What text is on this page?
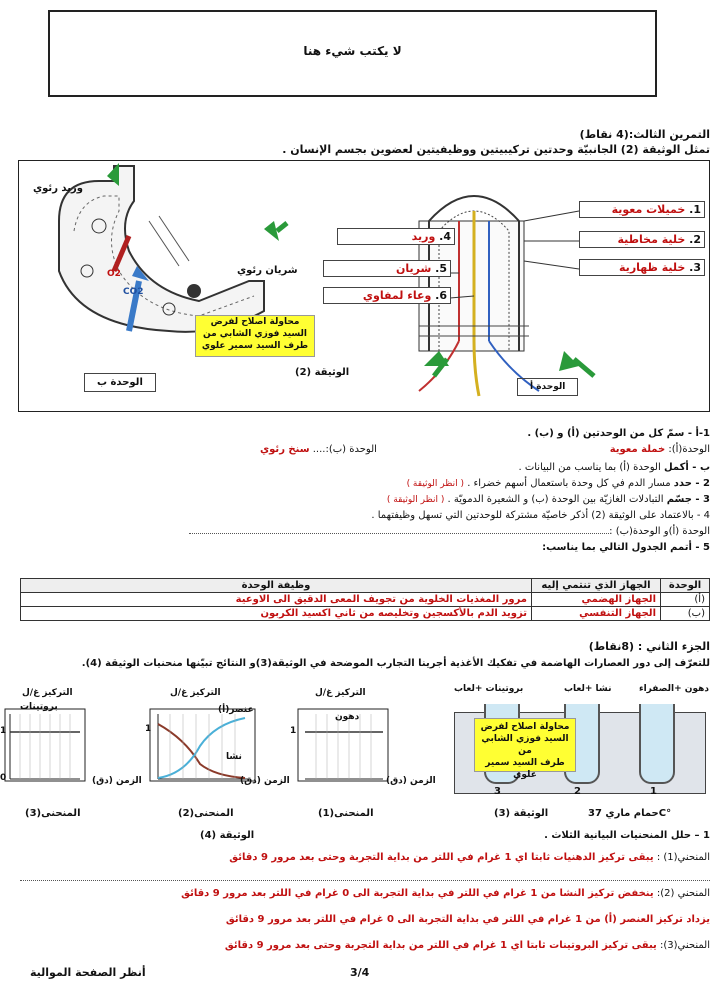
لا يكتب شيء هنا
التمرين الثالث:(4 نقاط)
تمثل الوثيقة (2) الجانبيّة وحدتين تركيبيتين ووظيفيتين لعضوين بجسم الإنسان .
وريد رئوي
شريان رئوي
O2
CO2
محاولة اصلاح لفرض
السيد فوزي الشابي من
طرف السيد سمير علوي
الوحدة ب
الوثيقة (2)
الوحدة أ
4. وريد
5. شريان
6. وعاء لمفاوي
1. خميلات معوية
2. خلية مخاطية
3. خلية ظهارية
1-أ - سمّ كل من الوحدتين (أ) و (ب) .
الوحدة(أ): خملة معوية
الوحدة (ب):.... سنخ رئوي
ب - أكمل الوحدة (أ) بما يناسب من البيانات .
2 - حدد مسار الدم في كل وحدة باستعمال أسهم خضراء . ( انظر الوثيقة )
3 - جسّم التبادلات الغازيّة بين الوحدة (ب) و الشعيرة الدمويّة . ( انظر الوثيقة )
4 - بالاعتماد على الوثيقة (2) أذكر خاصيّة مشتركة للوحدتين التي تسهل وظيفتهما .
الوحدة (أ)و الوحدة(ب) :
5 - أتمم الجدول التالي بما يناسب:
الوحدة	الجهاز الذي تنتمي إليه	وظيفة الوحدة
(أ)	الجهاز الهضمي	مرور المغذيات الخلوية من تجويف المعى الدقيق الى الاوعية
(ب)	الجهاز التنفسي	تزويد الدم بالأكسجين وتخليصه من ثاني اكسيد الكربون
الجزء الثاني : (8نقاط)
للتعرّف إلى دور العصارات الهاضمة في تفكيك الأغذية أجرينا التجارب الموضحة في الوثيقة(3)و النتائج تبيّنها منحنيات الوثيقة (4).
بروتينات +لعاب	نشا +لعاب	دهون +الصفراء
3	2	1
محاولة اصلاح لفرض
السيد فوزي الشابي من
طرف السيد سمير علوي
حمام ماري 37C°
الوثيقة (3)
التركيز غ/ل
بروتينات
1
0	الزمن (دق)
التركيز غ/ل
عنصر(أ)
نشا
1
الزمن (دق)
التركيز غ/ل
دهون
1
الزمن (دق)
المنحنى(3)	المنحنى(2)	المنحنى(1)
الوثيقة (4)	1 – حلل المنحنيات البيانية الثلاث .
المنحني(1) : يبقى تركيز الدهنيات ثابتا اي 1 غرام في اللتر من بداية التجربة وحتى بعد مرور 9 دقائق
المنحني (2): ينخفض تركيز النشا من 1 غرام في اللتر في بداية التجربة الى 0 غرام في اللتر بعد مرور 9 دقائق
يزداد تركيز العنصر (أ) من 1 غرام في اللتر في بداية التجربة الى 0 غرام في اللتر بعد مرور 9 دقائق
المنحني(3): يبقى تركيز البروتينات ثابتا اي 1 غرام في اللتر من بداية التجربة وحتى بعد مرور 9 دقائق
أنظر الصفحة الموالية	3/4
